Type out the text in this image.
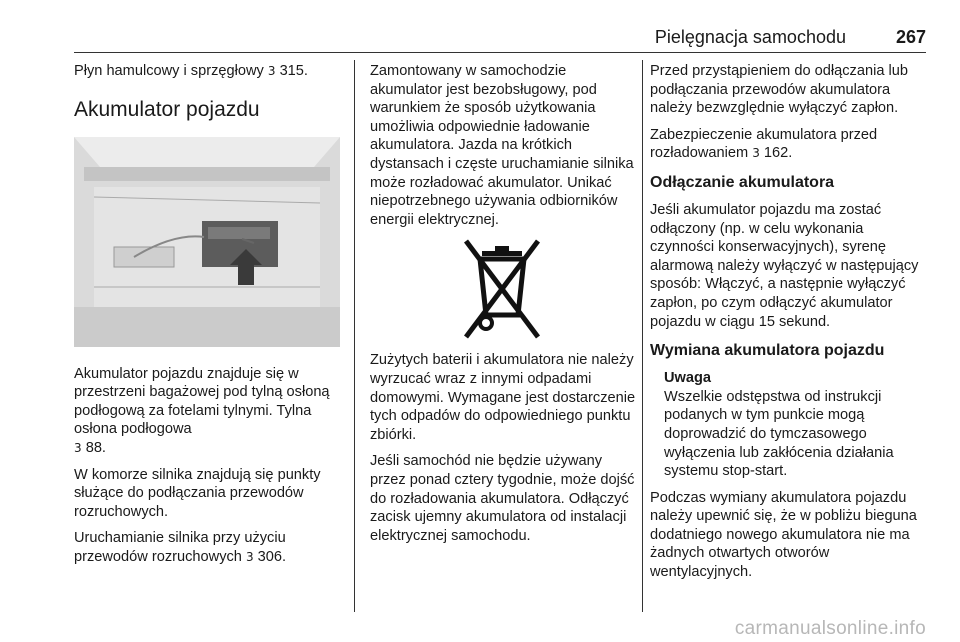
Pielęgnacja samochodu	267

Płyn hamulcowy i sprzęgłowy 3 315.

Akumulator pojazdu

Akumulator pojazdu znajduje się w przestrzeni bagażowej pod tylną osłoną podłogową za fotelami tylnymi. Tylna osłona podłogowa
3 88.

W komorze silnika znajdują się punkty służące do podłączania przewodów rozruchowych.

Uruchamianie silnika przy użyciu przewodów rozruchowych 3 306.

Zamontowany w samochodzie akumulator jest bezobsługowy, pod warunkiem że sposób użytkowania umożliwia odpowiednie ładowanie akumulatora. Jazda na krótkich dystansach i częste uruchamianie silnika może rozładować akumulator. Unikać niepotrzebnego używania odbiorników energii elektrycznej.

Zużytych baterii i akumulatora nie należy wyrzucać wraz z innymi odpadami domowymi. Wymagane jest dostarczenie tych odpadów do odpowiedniego punktu zbiórki.

Jeśli samochód nie będzie używany przez ponad cztery tygodnie, może dojść do rozładowania akumulatora. Odłączyć zacisk ujemny akumulatora od instalacji elektrycznej samochodu.

Przed przystąpieniem do odłączania lub podłączania przewodów akumulatora należy bezwzględnie wyłączyć zapłon.

Zabezpieczenie akumulatora przed rozładowaniem 3 162.

Odłączanie akumulatora

Jeśli akumulator pojazdu ma zostać odłączony (np. w celu wykonania czynności konserwacyjnych), syrenę alarmową należy wyłączyć w następujący sposób: Włączyć, a następnie wyłączyć zapłon, po czym odłączyć akumulator pojazdu w ciągu 15 sekund.

Wymiana akumulatora pojazdu
Uwaga
Wszelkie odstępstwa od instrukcji podanych w tym punkcie mogą doprowadzić do tymczasowego wyłączenia lub zakłócenia działania systemu stop-start.

Podczas wymiany akumulatora pojazdu należy upewnić się, że w pobliżu bieguna dodatniego nowego akumulatora nie ma żadnych otwartych otworów wentylacyjnych.

carmanualsonline.info
